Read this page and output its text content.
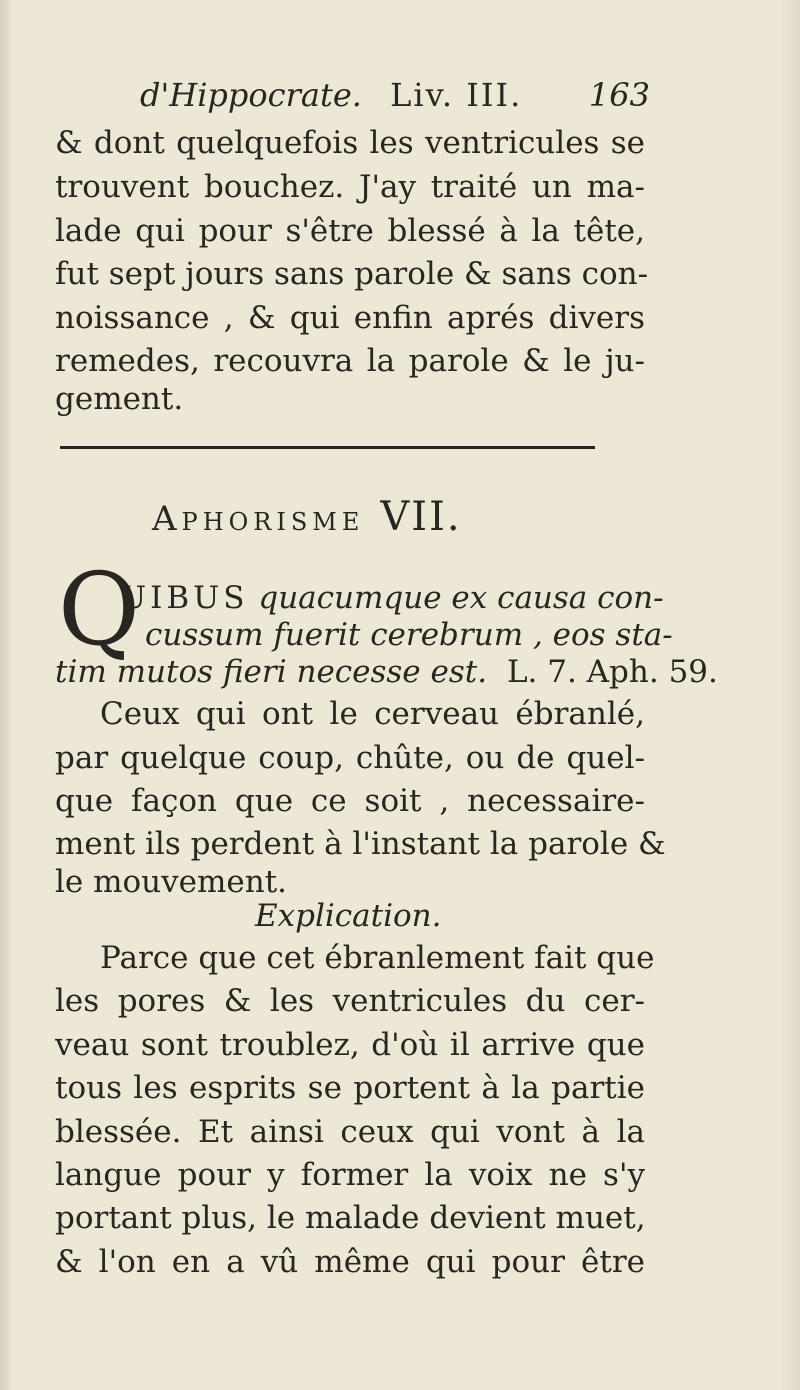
d'Hippocrate. Liv. III. 163
& dont quelquefois les ventricules se
trouvent bouchez. J'ay traité un ma-
lade qui pour s'être blessé à la tête,
fut sept jours sans parole & sans con-
noissance , & qui enfin aprés divers
remedes, recouvra la parole & le ju-
gement.
Aphorisme VII.
Q
UIBUS quacumque ex causa con-
cussum fuerit cerebrum , eos sta-
tim mutos fieri necesse est. L. 7. Aph. 59.
Ceux qui ont le cerveau ébranlé,
par quelque coup, chûte, ou de quel-
que façon que ce soit , necessaire-
ment ils perdent à l'instant la parole &
le mouvement.
Explication.
Parce que cet ébranlement fait que
les pores & les ventricules du cer-
veau sont troublez, d'où il arrive que
tous les esprits se portent à la partie
blessée. Et ainsi ceux qui vont à la
langue pour y former la voix ne s'y
portant plus, le malade devient muet,
& l'on en a vû même qui pour être
